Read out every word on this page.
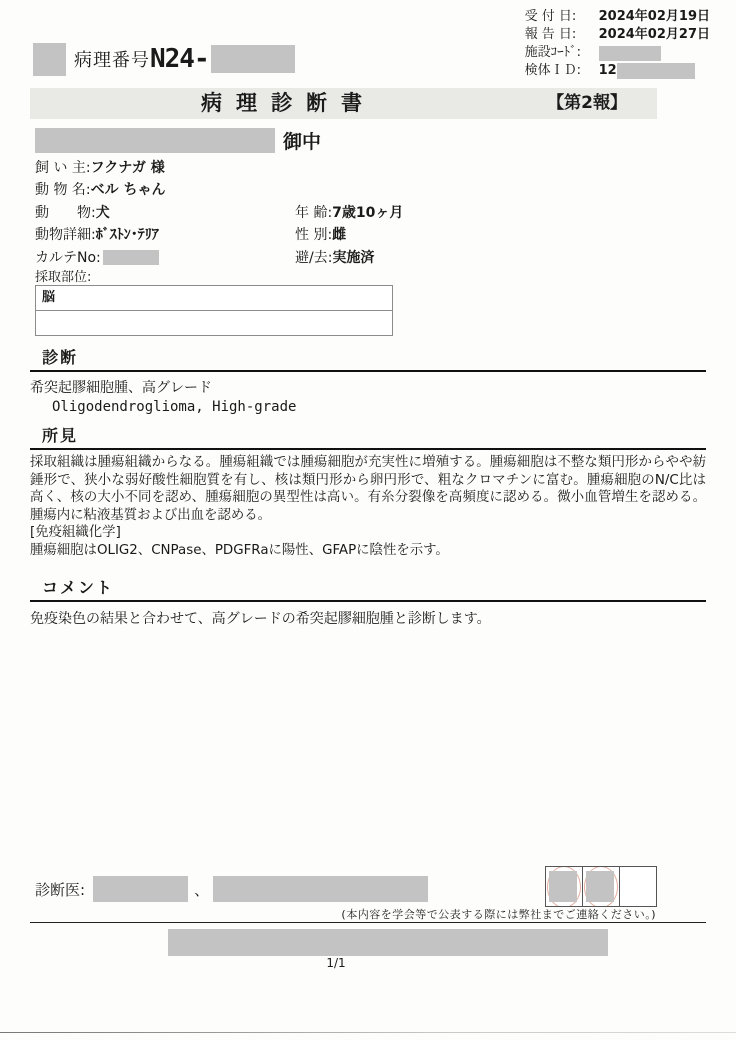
受 付 日:	2024年02月19日
報 告 日:	2024年02月27日
施設ｺｰﾄﾞ:
検体ＩＤ:	12
病理番号 N24-
病理診断書	【第2報】
御中
飼 い 主:フクナガ 様
動 物 名:ベル ちゃん
動　　物:犬
動物詳細:ﾎﾞｽﾄﾝ･ﾃﾘｱ
カルテNo:
年 齢:7歳10ヶ月
性 別:雌
避/去:実施済
採取部位:
脳
診断
希突起膠細胞腫、高グレード
Oligodendroglioma, High-grade
所見
採取組織は腫瘍組織からなる。腫瘍組織では腫瘍細胞が充実性に増殖する。腫瘍細胞は不整な類円形からやや紡錘形で、狭小な弱好酸性細胞質を有し、核は類円形から卵円形で、粗なクロマチンに富む。腫瘍細胞のN/C比は高く、核の大小不同を認め、腫瘍細胞の異型性は高い。有糸分裂像を高頻度に認める。微小血管増生を認める。腫瘍内に粘液基質および出血を認める。
[免疫組織化学]
腫瘍細胞はOLIG2、CNPase、PDGFRaに陽性、GFAPに陰性を示す。
コメント
免疫染色の結果と合わせて、高グレードの希突起膠細胞腫と診断します。
診断医:	、
(本内容を学会等で公表する際には弊社までご連絡ください。)
1/1
